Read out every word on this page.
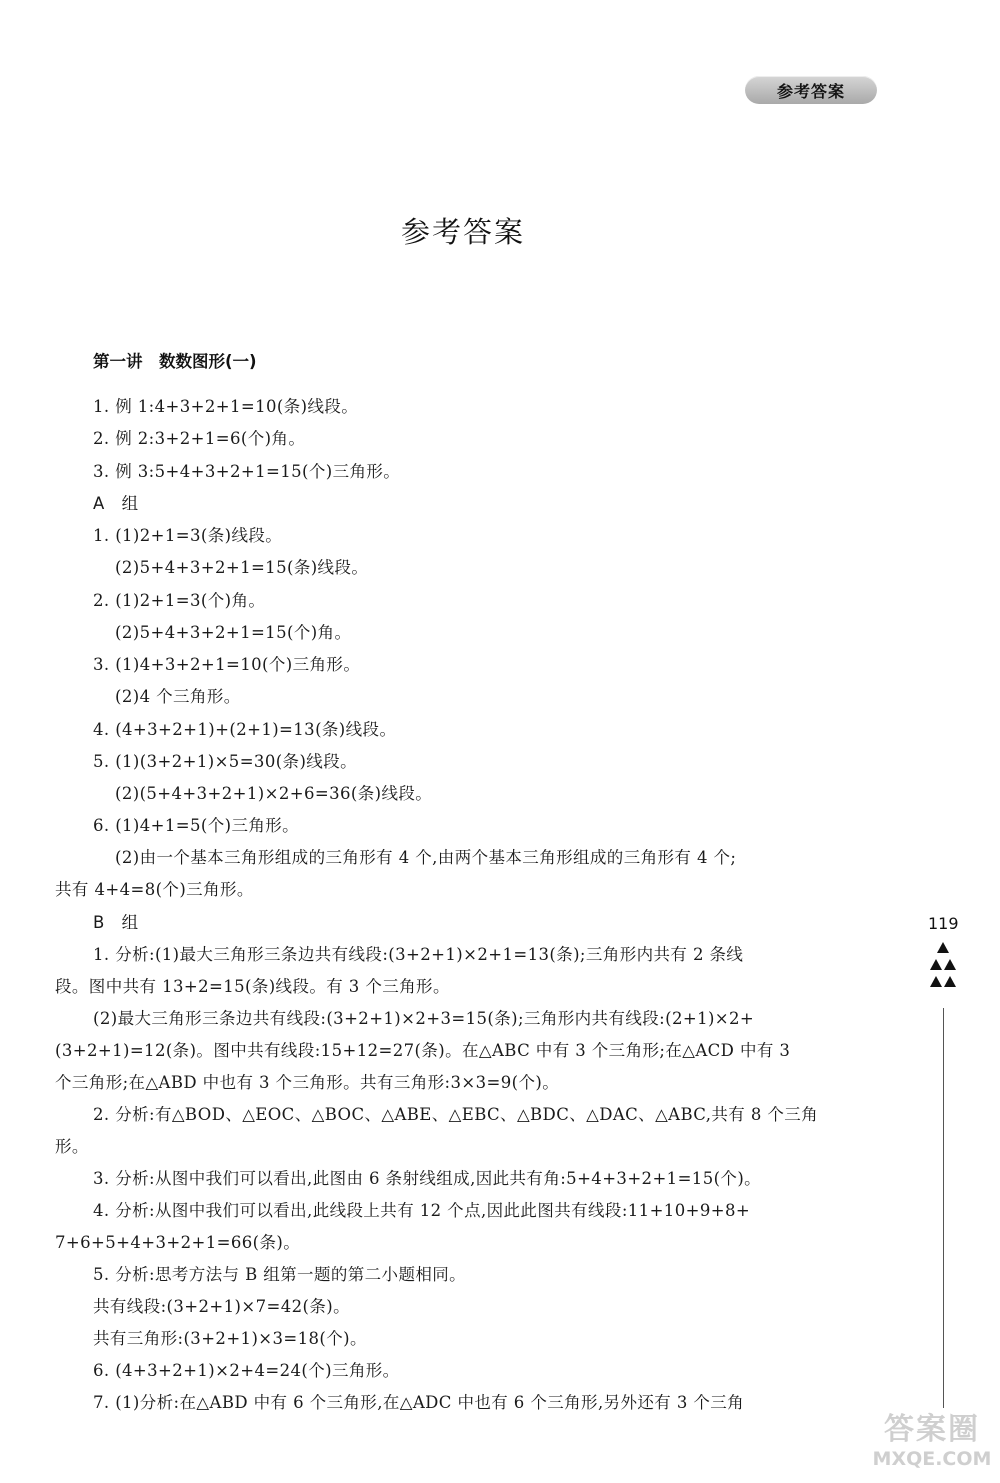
参考答案
参考答案
第一讲　数数图形(一)
1. 例 1:4+3+2+1=10(条)线段。
2. 例 2:3+2+1=6(个)角。
3. 例 3:5+4+3+2+1=15(个)三角形。
A　组
1. (1)2+1=3(条)线段。
(2)5+4+3+2+1=15(条)线段。
2. (1)2+1=3(个)角。
(2)5+4+3+2+1=15(个)角。
3. (1)4+3+2+1=10(个)三角形。
(2)4 个三角形。
4. (4+3+2+1)+(2+1)=13(条)线段。
5. (1)(3+2+1)×5=30(条)线段。
(2)(5+4+3+2+1)×2+6=36(条)线段。
6. (1)4+1=5(个)三角形。
(2)由一个基本三角形组成的三角形有 4 个,由两个基本三角形组成的三角形有 4 个;
共有 4+4=8(个)三角形。
B　组
1. 分析:(1)最大三角形三条边共有线段:(3+2+1)×2+1=13(条);三角形内共有 2 条线
段。图中共有 13+2=15(条)线段。有 3 个三角形。
(2)最大三角形三条边共有线段:(3+2+1)×2+3=15(条);三角形内共有线段:(2+1)×2+
(3+2+1)=12(条)。图中共有线段:15+12=27(条)。在△ABC 中有 3 个三角形;在△ACD 中有 3
个三角形;在△ABD 中也有 3 个三角形。共有三角形:3×3=9(个)。
2. 分析:有△BOD、△EOC、△BOC、△ABE、△EBC、△BDC、△DAC、△ABC,共有 8 个三角
形。
3. 分析:从图中我们可以看出,此图由 6 条射线组成,因此共有角:5+4+3+2+1=15(个)。
4. 分析:从图中我们可以看出,此线段上共有 12 个点,因此此图共有线段:11+10+9+8+
7+6+5+4+3+2+1=66(条)。
5. 分析:思考方法与 B 组第一题的第二小题相同。
共有线段:(3+2+1)×7=42(条)。
共有三角形:(3+2+1)×3=18(个)。
6. (4+3+2+1)×2+4=24(个)三角形。
7. (1)分析:在△ABD 中有 6 个三角形,在△ADC 中也有 6 个三角形,另外还有 3 个三角
119
答案圈
MXQE.COM
